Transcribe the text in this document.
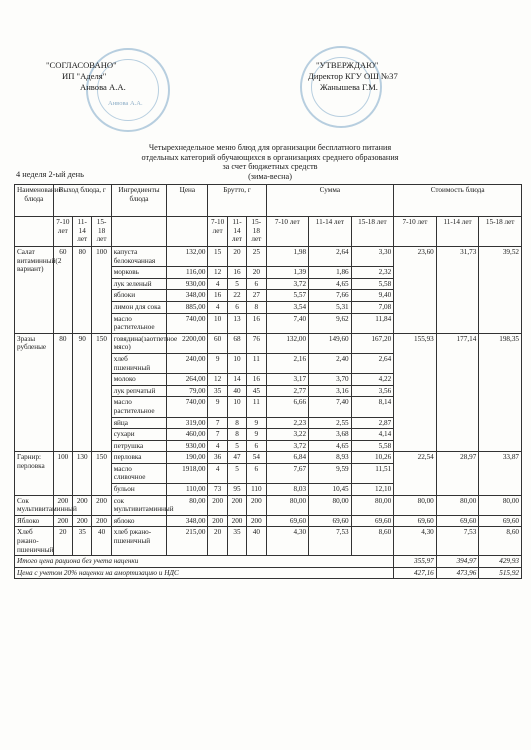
Анвова А.А.
"СОГЛАСОВАНО"
ИП "Аделя"
Анвова А.А.
"УТВЕРЖДАЮ"
Директор КГУ ОШ №37
Жанышева Г.М.
Четырехнедельное меню блюд для организации бесплатного питания
отдельных категорий обучающихся в организациях среднего образования
за счет бюджетных средств
(зима-весна)
4 неделя 2-ый день
Наименование блюда	Выход блюда, г			Ингредиенты блюда	Цена	Брутто, г			Сумма			Стоимость блюда		
	7-10 лет	11-14 лет	15-18 лет			7-10 лет	11-14 лет	15-18 лет	7-10 лет	11-14 лет	15-18 лет	7-10 лет	11-14 лет	15-18 лет
Салат витаминный(2 вариант)	60	80	100	капуста белокочанная	132,00	15	20	25	1,98	2,64	3,30	23,60	31,73	39,52
				морковь	116,00	12	16	20	1,39	1,86	2,32			
				лук зеленый	930,00	4	5	6	3,72	4,65	5,58			
				яблоки	348,00	16	22	27	5,57	7,66	9,40			
				лимон для сока	885,00	4	6	8	3,54	5,31	7,08			
				масло растительное	740,00	10	13	16	7,40	9,62	11,84			
Зразы рубленые	80	90	150	говядина(заотпетное мясо)	2200,00	60	68	76	132,00	149,60	167,20	155,93	177,14	198,35
				хлеб пшеничный	240,00	9	10	11	2,16	2,40	2,64			
				молоко	264,00	12	14	16	3,17	3,70	4,22			
				лук репчатый	79,00	35	40	45	2,77	3,16	3,56			
				масло растительное	740,00	9	10	11	6,66	7,40	8,14			
				яйца	319,00	7	8	9	2,23	2,55	2,87			
				сухари	460,00	7	8	9	3,22	3,68	4,14			
				петрушка	930,00	4	5	6	3,72	4,65	5,58			
Гарнир: перловка	100	130	150	перловка	190,00	36	47	54	6,84	8,93	10,26	22,54	28,97	33,87
				масло сливочное	1918,00	4	5	6	7,67	9,59	11,51			
				бульон	110,00	73	95	110	8,03	10,45	12,10			
Сок мультивитаминный	200	200	200	сок мультивитаминный	80,00	200	200	200	80,00	80,00	80,00	80,00	80,00	80,00
Яблоко	200	200	200	яблоко	348,00	200	200	200	69,60	69,60	69,60	69,60	69,60	69,60
Хлеб ржано-пшеничный	20	35	40	хлеб ржано-пшеничный	215,00	20	35	40	4,30	7,53	8,60	4,30	7,53	8,60
Итого цена рациона без учета наценки												355,97	394,97	429,93
Цена с учетом 20% наценки на амортизацию и НДС												427,16	473,96	515,92
